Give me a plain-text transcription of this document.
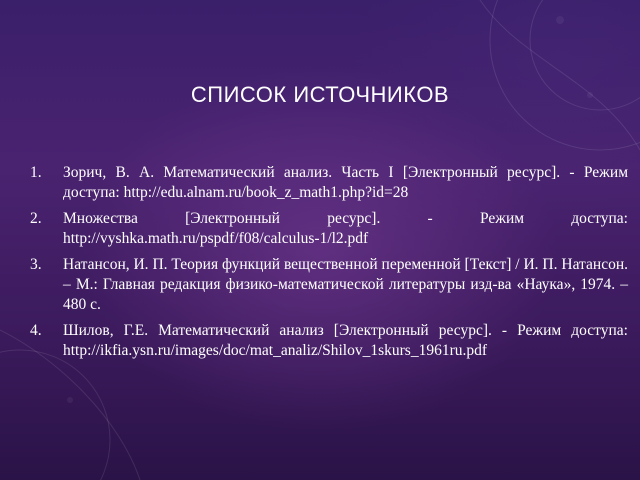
СПИСОК ИСТОЧНИКОВ
1.	Зорич, В. А. Математический анализ. Часть I [Электронный ресурс]. - Режим доступа: http://edu.alnam.ru/book_z_math1.php?id=28
2.	Множества [Электронный ресурс]. - Режим доступа: http://vyshka.math.ru/pspdf/f08/calculus-1/l2.pdf
3.	Натансон, И. П. Теория функций вещественной переменной [Текст] / И. П. Натансон. – М.: Главная редакция физико-математической литературы изд-ва «Наука», 1974. – 480 с.
4.	Шилов, Г.Е. Математический анализ [Электронный ресурс]. - Режим доступа: http://ikfia.ysn.ru/images/doc/mat_analiz/Shilov_1skurs_1961ru.pdf
